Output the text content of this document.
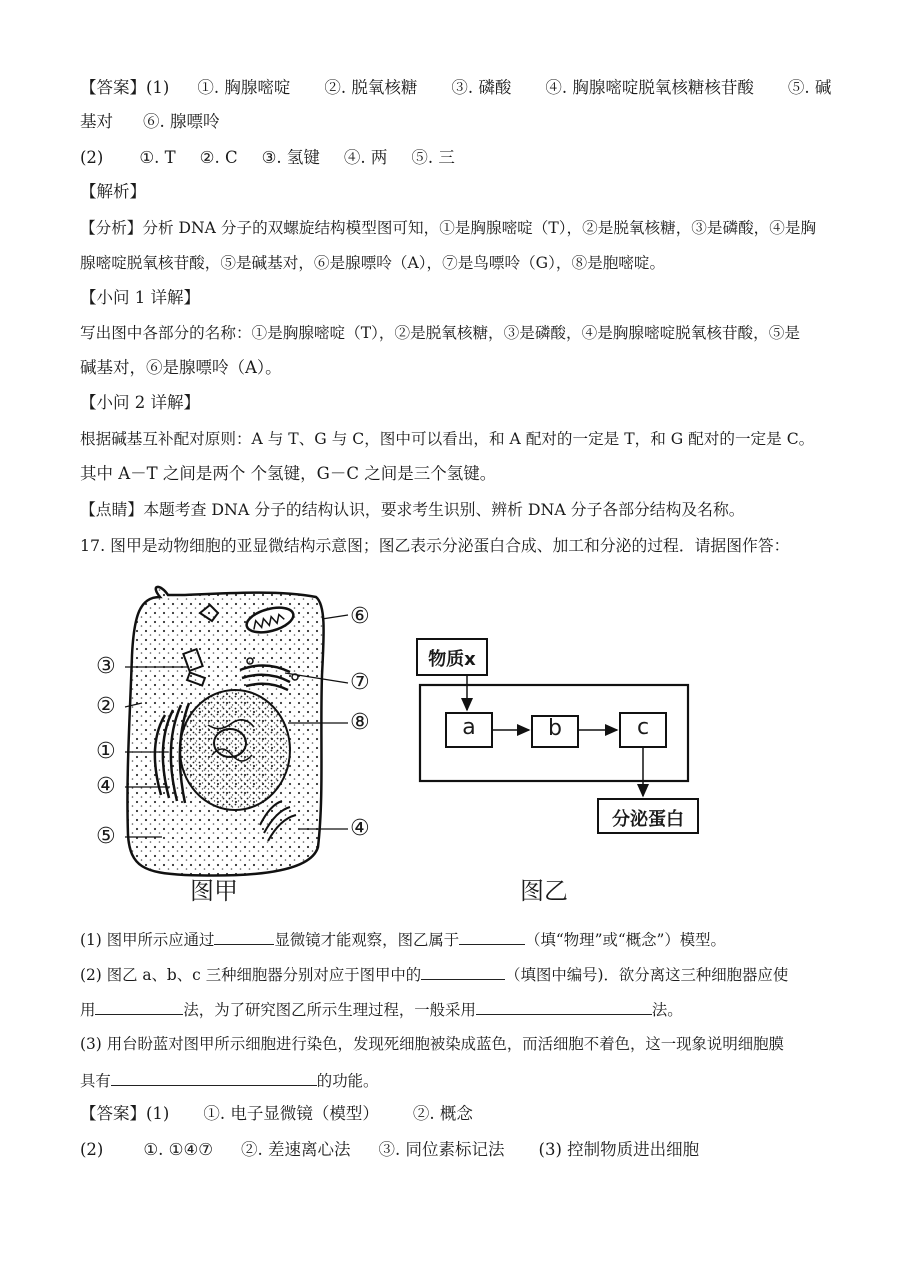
【答案】(1) ①. 胸腺嘧啶 ②. 脱氧核糖 ③. 磷酸 ④. 胸腺嘧啶脱氧核糖核苷酸 ⑤. 碱
基对 ⑥. 腺嘌呤
(2) ①. T ②. C ③. 氢键 ④. 两 ⑤. 三
【解析】
【分析】分析 DNA 分子的双螺旋结构模型图可知，①是胸腺嘧啶（T），②是脱氧核糖，③是磷酸，④是胸
腺嘧啶脱氧核苷酸，⑤是碱基对，⑥是腺嘌呤（A），⑦是鸟嘌呤（G），⑧是胞嘧啶。
【小问 1 详解】
写出图中各部分的名称：①是胸腺嘧啶（T），②是脱氧核糖，③是磷酸，④是胸腺嘧啶脱氧核苷酸，⑤是
碱基对，⑥是腺嘌呤（A）。
【小问 2 详解】
根据碱基互补配对原则：A 与 T、G 与 C，图中可以看出，和 A 配对的一定是 T，和 G 配对的一定是 C。
其中 A－T 之间是两个 个氢键，G－C 之间是三个氢键。
【点睛】本题考查 DNA 分子的结构认识，要求考生识别、辨析 DNA 分子各部分结构及名称。
17. 图甲是动物细胞的亚显微结构示意图；图乙表示分泌蛋白合成、加工和分泌的过程．请据图作答：
⑥
③
⑦
②
⑧
①
④
⑤	④
图甲
物质x
a	b	c
分泌蛋白
图乙
(1) 图甲所示应通过	显微镜才能观察，图乙属于	（填“物理”或“概念”）模型。
(2) 图乙 a、b、c 三种细胞器分别对应于图甲中的	（填图中编号)．欲分离这三种细胞器应使
用	法，为了研究图乙所示生理过程，一般采用	法。
(3) 用台盼蓝对图甲所示细胞进行染色，发现死细胞被染成蓝色，而活细胞不着色，这一现象说明细胞膜
具有	的功能。
【答案】(1) ①. 电子显微镜（模型） ②. 概念
(2) ①. ①④⑦ ②. 差速离心法 ③. 同位素标记法 (3) 控制物质进出细胞
